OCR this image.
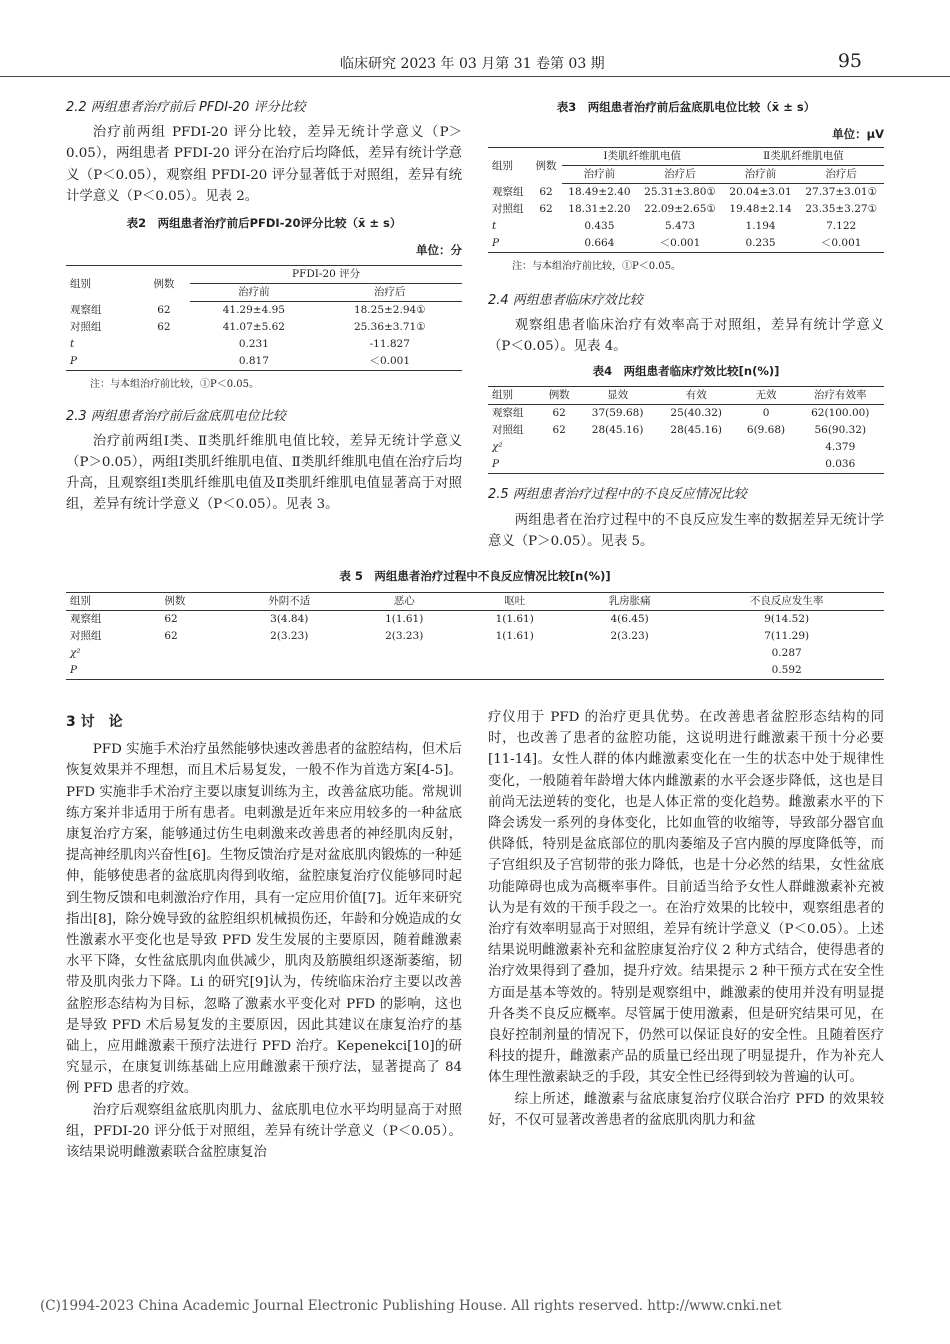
临床研究 2023 年 03 月第 31 卷第 03 期	95

2.2 两组患者治疗前后 PFDI-20 评分比较

治疗前两组 PFDI-20 评分比较，差异无统计学意义（P＞0.05），两组患者 PFDI-20 评分在治疗后均降低，差异有统计学意义（P＜0.05），观察组 PFDI-20 评分显著低于对照组，差异有统计学意义（P＜0.05）。见表 2。

表2　两组患者治疗前后PFDI-20评分比较（x̄ ± s）
单位：分
组别	例数	PFDI-20 评分	
		治疗前	治疗后
观察组	62	41.29±4.95	18.25±2.94①
对照组	62	41.07±5.62	25.36±3.71①
t		0.231	-11.827
P		0.817	＜0.001
注：与本组治疗前比较，①P＜0.05。

2.3 两组患者治疗前后盆底肌电位比较

治疗前两组Ⅰ类、Ⅱ类肌纤维肌电值比较，差异无统计学意义（P＞0.05），两组Ⅰ类肌纤维肌电值、Ⅱ类肌纤维肌电值在治疗后均升高，且观察组Ⅰ类肌纤维肌电值及Ⅱ类肌纤维肌电值显著高于对照组，差异有统计学意义（P＜0.05）。见表 3。

表3　两组患者治疗前后盆底肌电位比较（x̄ ± s）
单位：μV
组别	例数	Ⅰ类肌纤维肌电值		Ⅱ类肌纤维肌电值	
		治疗前	治疗后	治疗前	治疗后
观察组	62	18.49±2.40	25.31±3.80①	20.04±3.01	27.37±3.01①
对照组	62	18.31±2.20	22.09±2.65①	19.48±2.14	23.35±3.27①
t		0.435	5.473	1.194	7.122
P		0.664	＜0.001	0.235	＜0.001
注：与本组治疗前比较，①P＜0.05。

2.4 两组患者临床疗效比较

观察组患者临床治疗有效率高于对照组，差异有统计学意义（P＜0.05）。见表 4。

表4　两组患者临床疗效比较[n(%)]
组别	例数	显效	有效	无效	治疗有效率
观察组	62	37(59.68)	25(40.32)	0	62(100.00)
对照组	62	28(45.16)	28(45.16)	6(9.68)	56(90.32)
χ²					4.379
P					0.036

2.5 两组患者治疗过程中的不良反应情况比较

两组患者在治疗过程中的不良反应发生率的数据差异无统计学意义（P＞0.05）。见表 5。

表 5　两组患者治疗过程中不良反应情况比较[n(%)]
组别	例数	外阴不适	恶心	呕吐	乳房胀痛	不良反应发生率
观察组	62	3(4.84)	1(1.61)	1(1.61)	4(6.45)	9(14.52)
对照组	62	2(3.23)	2(3.23)	1(1.61)	2(3.23)	7(11.29)
χ²						0.287
P						0.592

3 讨　论

PFD 实施手术治疗虽然能够快速改善患者的盆腔结构，但术后恢复效果并不理想，而且术后易复发，一般不作为首选方案[4-5]。PFD 实施非手术治疗主要以康复训练为主，改善盆底功能。常规训练方案并非适用于所有患者。电刺激是近年来应用较多的一种盆底康复治疗方案，能够通过仿生电刺激来改善患者的神经肌肉反射，提高神经肌肉兴奋性[6]。生物反馈治疗是对盆底肌肉锻炼的一种延伸，能够使患者的盆底肌肉得到收缩，盆腔康复治疗仪能够同时起到生物反馈和电刺激治疗作用，具有一定应用价值[7]。近年来研究指出[8]，除分娩导致的盆腔组织机械损伤还，年龄和分娩造成的女性激素水平变化也是导致 PFD 发生发展的主要原因，随着雌激素水平下降，女性盆底肌肉血供减少，肌肉及筋膜组织逐渐萎缩，韧带及肌肉张力下降。Li 的研究[9]认为，传统临床治疗主要以改善盆腔形态结构为目标，忽略了激素水平变化对 PFD 的影响，这也是导致 PFD 术后易复发的主要原因，因此其建议在康复治疗的基础上，应用雌激素干预疗法进行 PFD 治疗。Kepenekci[10]的研究显示，在康复训练基础上应用雌激素干预疗法，显著提高了 84 例 PFD 患者的疗效。

治疗后观察组盆底肌肉肌力、盆底肌电位水平均明显高于对照组，PFDI-20 评分低于对照组，差异有统计学意义（P＜0.05）。该结果说明雌激素联合盆腔康复治

疗仪用于 PFD 的治疗更具优势。在改善患者盆腔形态结构的同时，也改善了患者的盆腔功能，这说明进行雌激素干预十分必要[11-14]。女性人群的体内雌激素变化在一生的状态中处于规律性变化，一般随着年龄增大体内雌激素的水平会逐步降低，这也是目前尚无法逆转的变化，也是人体正常的变化趋势。雌激素水平的下降会诱发一系列的身体变化，比如血管的收缩等，导致部分器官血供降低，特别是盆底部位的肌肉萎缩及子宫内膜的厚度降低等，而子宫组织及子宫韧带的张力降低，也是十分必然的结果，女性盆底功能障碍也成为高概率事件。目前适当给予女性人群雌激素补充被认为是有效的干预手段之一。在治疗效果的比较中，观察组患者的治疗有效率明显高于对照组，差异有统计学意义（P＜0.05）。上述结果说明雌激素补充和盆腔康复治疗仪 2 种方式结合，使得患者的治疗效果得到了叠加，提升疗效。结果提示 2 种干预方式在安全性方面是基本等效的。特别是观察组中，雌激素的使用并没有明显提升各类不良反应概率。尽管属于使用激素，但是研究结果可见，在良好控制剂量的情况下，仍然可以保证良好的安全性。且随着医疗科技的提升，雌激素产品的质量已经出现了明显提升，作为补充人体生理性激素缺乏的手段，其安全性已经得到较为普遍的认可。

综上所述，雌激素与盆底康复治疗仪联合治疗 PFD 的效果较好，不仅可显著改善患者的盆底肌肉肌力和盆

(C)1994-2023 China Academic Journal Electronic Publishing House. All rights reserved. http://www.cnki.net
